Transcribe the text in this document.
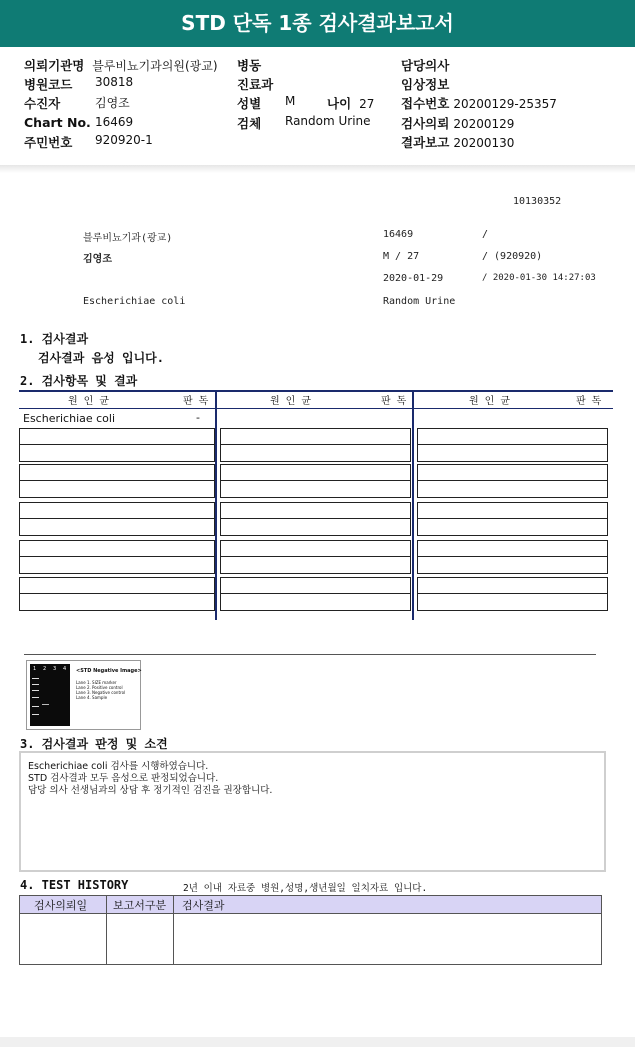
STD 단독 1종 검사결과보고서
의뢰기관명 블루비뇨기과의원(광교)
병원코드 30818
수진자	김영조
Chart No. 16469
주민번호 920920-1
병동
진료과
성별 M	나이 27
검체 Random Urine
담당의사
임상정보
접수번호 20200129-25357
검사의뢰 20200129
결과보고 20200130
10130352
블루비뇨기과(광교)	16469	/
김영조	M / 27	/ (920920)
2020-01-29	/ 2020-01-30 14:27:03
Escherichiae coli	Random Urine
1. 검사결과
검사결과 음성 입니다.
2. 검사항목 및 결과
원 인 균	판 독	원 인 균	판 독	원 인 균	판 독
Escherichiae coli	-
1 2 3 4 <STD Negative Image>
Lane 1. SIZE marker
Lane 2. Positive control
Lane 3. Negative control
Lane 4. Sample
3. 검사결과 판정 및 소견
Escherichiae coli 검사를 시행하였습니다.
STD 검사결과 모두 음성으로 판정되었습니다.
담당 의사 선생님과의 상담 후 정기적인 검진을 권장합니다.
4. TEST HISTORY	2년 이내 자료중 병원,성명,생년월일 일치자료 입니다.
검사의뢰일	보고서구분	검사결과
